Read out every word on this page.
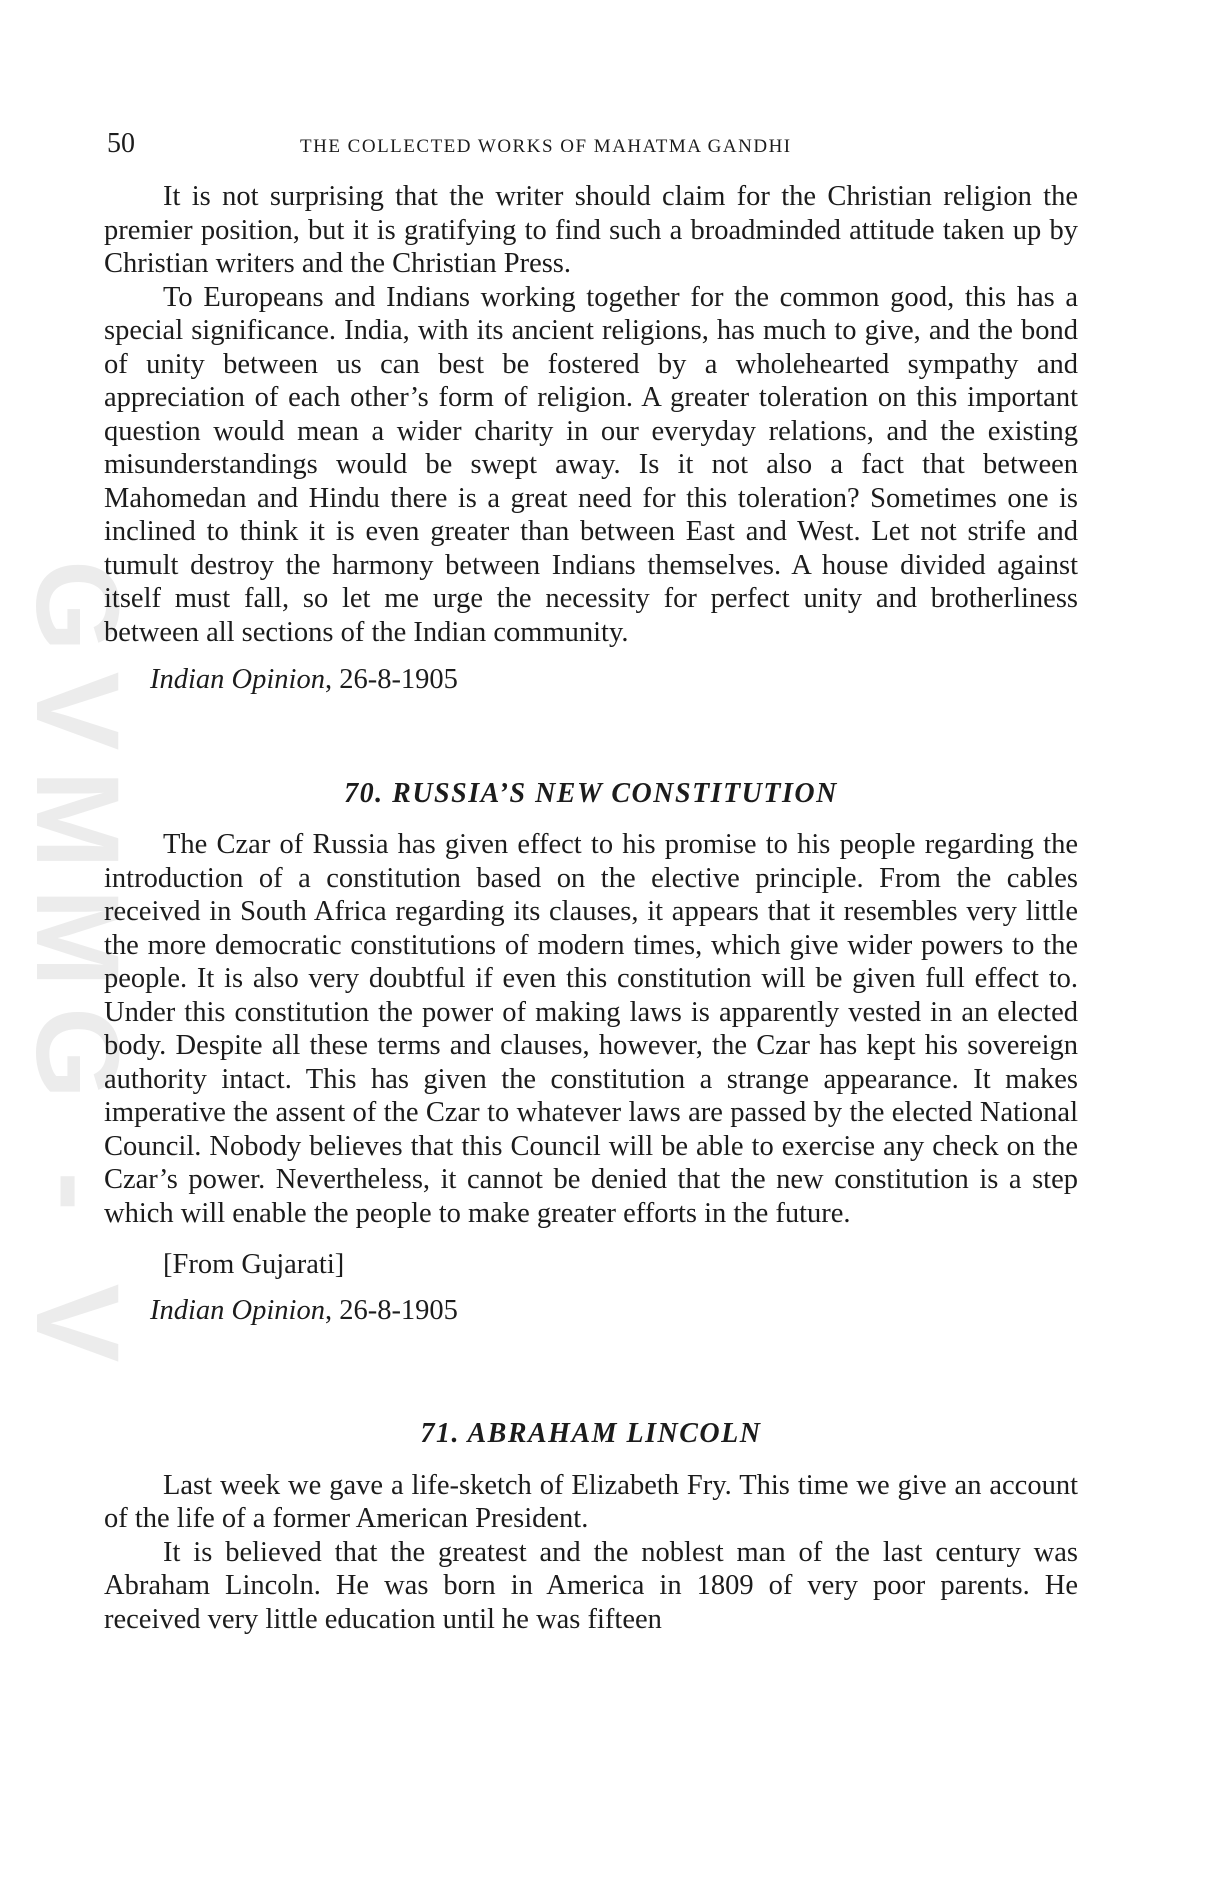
GVMMG - V
50	THE COLLECTED WORKS OF MAHATMA GANDHI

It is not surprising that the writer should claim for the Christian religion the premier position, but it is gratifying to find such a broadminded attitude taken up by Christian writers and the Christian Press.

To Europeans and Indians working together for the common good, this has a special significance. India, with its ancient religions, has much to give, and the bond of unity between us can best be fostered by a wholehearted sympathy and appreciation of each other’s form of religion. A greater toleration on this important question would mean a wider charity in our everyday relations, and the existing misunderstandings would be swept away. Is it not also a fact that between Mahomedan and Hindu there is a great need for this toleration? Sometimes one is inclined to think it is even greater than between East and West. Let not strife and tumult destroy the harmony between Indians themselves. A house divided against itself must fall, so let me urge the necessity for perfect unity and brotherliness between all sections of the Indian community.

Indian Opinion, 26-8-1905
70. RUSSIA’S NEW CONSTITUTION

The Czar of Russia has given effect to his promise to his people regarding the introduction of a constitution based on the elective principle. From the cables received in South Africa regarding its clauses, it appears that it resembles very little the more democratic constitutions of modern times, which give wider powers to the people. It is also very doubtful if even this constitution will be given full effect to. Under this constitution the power of making laws is apparently vested in an elected body. Despite all these terms and clauses, however, the Czar has kept his sovereign authority intact. This has given the constitution a strange appearance. It makes imperative the assent of the Czar to whatever laws are passed by the elected National Council. Nobody believes that this Council will be able to exercise any check on the Czar’s power. Nevertheless, it cannot be denied that the new constitution is a step which will enable the people to make greater efforts in the future.

[From Gujarati]
Indian Opinion, 26-8-1905
71. ABRAHAM LINCOLN

Last week we gave a life-sketch of Elizabeth Fry. This time we give an account of the life of a former American President.

It is believed that the greatest and the noblest man of the last century was Abraham Lincoln. He was born in America in 1809 of very poor parents. He received very little education until he was fifteen
